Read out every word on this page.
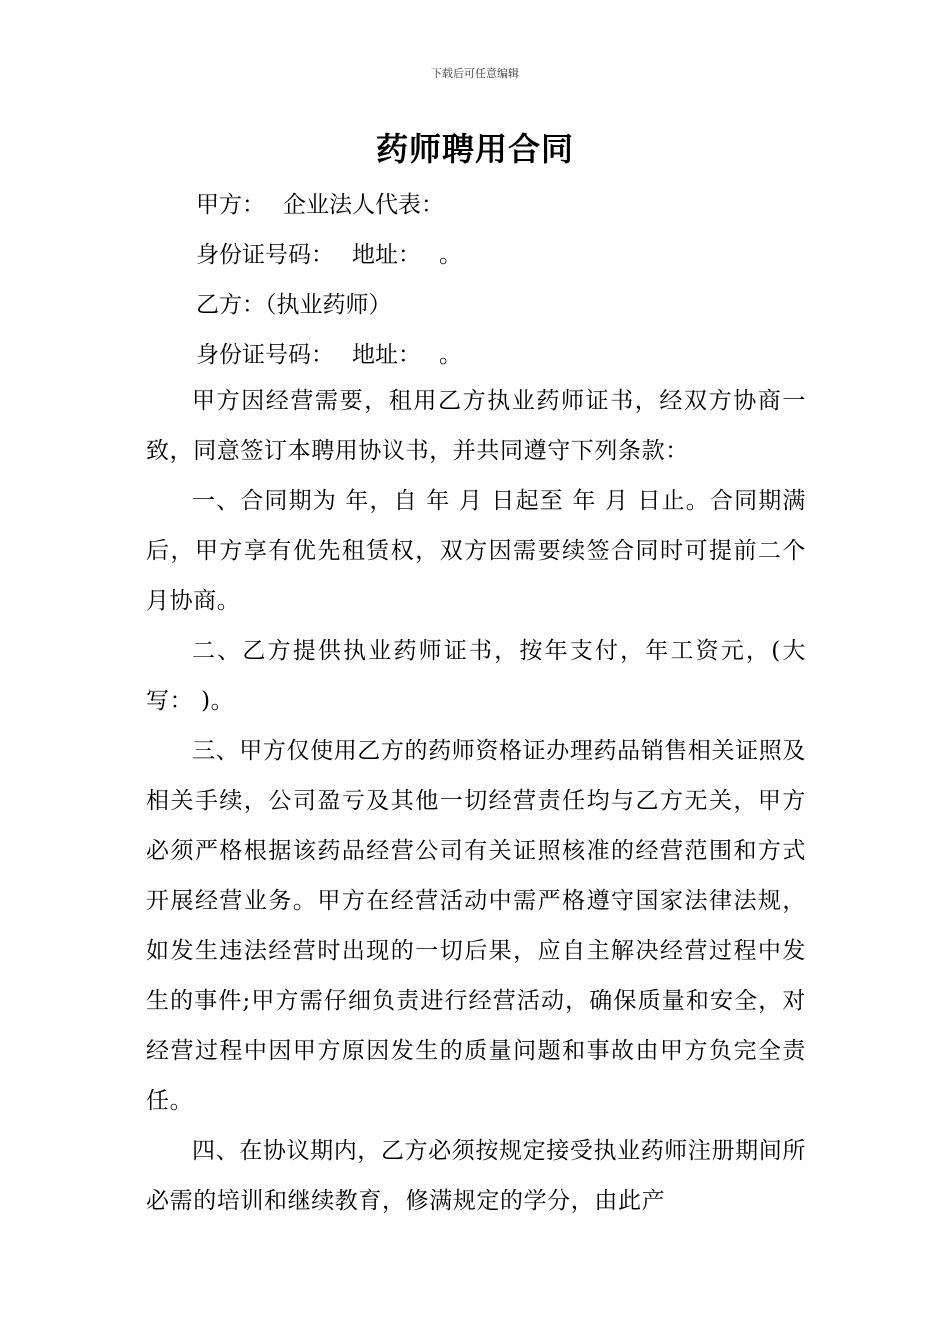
下载后可任意编辑
药师聘用合同
甲方： 企业法人代表：
身份证号码： 地址： 。
乙方：（执业药师）
身份证号码： 地址： 。

甲方因经营需要，租用乙方执业药师证书，经双方协商一致，同意签订本聘用协议书，并共同遵守下列条款：

一、合同期为 年，自 年 月 日起至 年 月 日止。合同期满后，甲方享有优先租赁权，双方因需要续签合同时可提前二个月协商。

二、乙方提供执业药师证书，按年支付，年工资元，(大写： )。

三、甲方仅使用乙方的药师资格证办理药品销售相关证照及相关手续，公司盈亏及其他一切经营责任均与乙方无关，甲方必须严格根据该药品经营公司有关证照核准的经营范围和方式开展经营业务。甲方在经营活动中需严格遵守国家法律法规，如发生违法经营时出现的一切后果，应自主解决经营过程中发生的事件;甲方需仔细负责进行经营活动，确保质量和安全，对经营过程中因甲方原因发生的质量问题和事故由甲方负完全责任。

四、在协议期内，乙方必须按规定接受执业药师注册期间所必需的培训和继续教育，修满规定的学分，由此产
